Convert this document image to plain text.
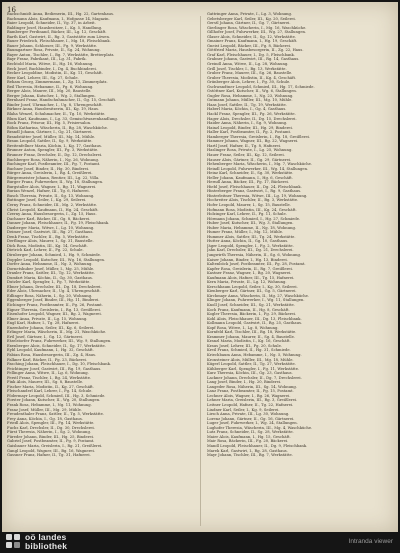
16
Bachschmidt Anna, Bedienerin, III., Hg. 22, Gartenhaus.
Bachmann Alois, Kaufmann, I., Hofgasse 14, Magazin.
Baier Leopold, Schneider, II., Vg. 37, in Arbeit.
Baldinger Josef, Hausbesitzer, I., Kg. 5, Handlung.
Bamberger Ferdinand, Bäcker, III., Lg. 12, Geschäft.
Barth Karl, Gastwirt, II., Rg. 3, Gaststätte zum Löwen.
Bauer Friedrich, Fleischhauer, I., Mg. 18, Fleischbank.
Bauer Johann, Schlosser, III., Fg. 9, Werkstätte.
Baumgartner Rosa, Private, II., Sg. 24, Wohnung.
Bayer Anton, Tischler, I., Bg. 7, Werkstätte, Bretterplatz.
Bayr Franz, Fabrikant, III., Lg. 31, Fabrik.
Bechtold Maria, Witwe, II., Hg. 16, Wohnung.
Beck Josef, Buchbinder, I., Dg. 4, Buchbinderei.
Becker Leopoldine, Modistin, II., Kg. 11, Geschäft.
Beer Karl, Lehrer, III., Sg. 27, Schule.
Beham Georg, Zimmermann, I., Zg. 13, Zimmerplatz.
Beil Theresia, Hebamme, II., Pg. 6, Wohnung.
Berger Alois, Maurer, III., Mg. 20, Baustelle.
Berger Johann, Kutscher, I., Wg. 2, Stallungen.
Bernhard Franz, Handschuhmacher, II., Gg. 15, Geschäft.
Binder Josef, Uhrmacher, I., Ug. 8, Uhrengeschäft.
Birkner Anna, Hausbesitzerin, III., Kg. 19, Haus.
Blaha Wenzel, Schuhmacher, II., Tg. 10, Werkstätte.
Blum Karl, Kaufmann, I., Lg. 33, Gemischtwarenhandlung.
Bock Franz, Friseur, III., Hg. 5, Frisiersalon.
Böhm Katharina, Wäscherin, II., Bg. 28, Waschküche.
Brandl Johann, Gärtner, I., Gg. 21, Gärtnerei.
Brandstätter Josef, Müller, III., Mg. 14, Mühle.
Braun Leopold, Sattler, II., Sg. 9, Werkstätte.
Breitenfellner Maria, Köchin, I., Kg. 17, Gasthaus.
Brunner Anton, Spengler, III., Fg. 3, Werkstätte.
Brunner Franz, Drechsler, II., Dg. 12, Drechslerei.
Buchberger Rosa, Näherin, I., Ng. 26, Wohnung.
Buchinger Karl, Postbeamter, III., Pg. 7, Postamt.
Buchner Josef, Binder, II., Hg. 30, Binderei.
Bürger Anna, Greislerin, I., Rg. 4, Greißlerei.
Bürgermeister Johann, Rentier, III., Lg. 22, Villa.
Burger Franz, Fuhrwerker, II., Wg. 18, Stallungen.
Burgstaller Alois, Wagner, I., Bg. 11, Wagnerei.
Burian Wenzel, Hafner, III., Tg. 6, Hafnerei.
Busch Theresia, Private, II., Sg. 13, Wohnung.
Buttinger Josef, Seiler, I., Kg. 29, Seilerei.
Cerny Franz, Schneider, III., Mg. 2, Werkstätte.
Christ Leopold, Kaufmann, II., Hg. 24, Geschäft.
Czerny Anna, Hausbesorgerin, I., Zg. 15, Haus.
Dachauer Karl, Bäcker, III., Gg. 8, Bäckerei.
Danner Johann, Fleischhauer, II., Fg. 19, Fleischbank.
Daxberger Maria, Witwe, I., Lg. 10, Wohnung.
Deimer Josef, Gastwirt, III., Rg. 27, Gasthaus.
Denk Franz, Tischler, II., Bg. 5, Werkstätte.
Derflinger Alois, Maurer, I., Sg. 31, Baustelle.
Dick Rosa, Modistin, III., Kg. 14, Geschäft.
Dietrich Karl, Lehrer, II., Pg. 22, Schule.
Dirnberger Johann, Schmied, I., Hg. 9, Schmiede.
Doppler Leopold, Kutscher, III., Wg. 16, Stallungen.
Dorfer Anna, Hebamme, II., Ng. 3, Wohnung.
Dornetshuber Josef, Müller, I., Mg. 25, Mühle.
Draxler Franz, Sattler, III., Tg. 12, Werkstätte.
Dumfart Maria, Köchin, II., Gg. 30, Gasthaus.
Dutzler Karl, Spengler, I., Fg. 7, Werkstätte.
Ebner Johann, Drechsler, III., Dg. 18, Drechslerei.
Eder Alois, Uhrmacher, II., Ug. 4, Uhrengeschäft.
Edlinger Rosa, Näherin, I., Sg. 20, Wohnung.
Eggenberger Josef, Binder, III., Hg. 11, Binderei.
Eichinger Franz, Postbeamter, II., Pg. 26, Postamt.
Eigner Theresia, Greislerin, I., Rg. 13, Greißlerei.
Eisenhofer Leopold, Wagner, III., Bg. 2, Wagnerei.
Elmer Anna, Private, II., Lg. 15, Wohnung.
Engl Karl, Hafner, I., Tg. 28, Hafnerei.
Enzenhofer Johann, Seiler, III., Kg. 6, Seilerei.
Erlinger Maria, Wäscherin, II., Mg. 21, Waschküche.
Ertl Josef, Gärtner, I., Gg. 12, Gärtnerei.
Etzelstorfer Franz, Fuhrwerker, III., Wg. 9, Stallungen.
Exenberger Alois, Schneider, II., Sg. 17, Werkstätte.
Eybl Leopold, Kaufmann, I., Hg. 32, Geschäft.
Fabian Rosa, Hausbesorgerin, III., Zg. 4, Haus.
Falkner Karl, Bäcker, II., Fg. 23, Bäckerei.
Fasching Johann, Fleischhauer, I., Dg. 10, Fleischbank.
Feichtinger Josef, Gastwirt, III., Rg. 19, Gasthaus.
Fellinger Anna, Witwe, II., Lg. 6, Wohnung.
Ferstl Franz, Tischler, I., Bg. 24, Werkstätte.
Fink Alois, Maurer, III., Sg. 8, Baustelle.
Fischer Maria, Modistin, II., Kg. 27, Geschäft.
Fleischanderl Karl, Lehrer, I., Pg. 14, Schule.
Födermayr Leopold, Schmied, III., Hg. 3, Schmiede.
Forster Johann, Kutscher, II., Wg. 20, Stallungen.
Frank Rosa, Hebamme, I., Ng. 11, Wohnung.
Franz Josef, Müller, III., Mg. 29, Mühle.
Freudenthaler Franz, Sattler, II., Tg. 5, Werkstätte.
Frey Anna, Köchin, I., Gg. 18, Gasthaus.
Friedl Alois, Spengler, III., Fg. 14, Werkstätte.
Fuchs Karl, Drechsler, II., Dg. 30, Drechslerei.
Fürst Theresia, Näherin, I., Sg. 2, Wohnung.
Füreder Johann, Binder, III., Hg. 25, Binderei.
Gabriel Josef, Postbeamter, II., Pg. 9, Postamt.
Gaisbauer Maria, Greislerin, I., Rg. 21, Greißlerei.
Gangl Leopold, Wagner, III., Bg. 16, Wagnerei.
Gassner Franz, Hafner, II., Tg. 31, Hafnerei.
Gattringer Anna, Private, I., Lg. 3, Wohnung.
Gebetsberger Karl, Seiler, III., Kg. 20, Seilerei.
Gerstl Johann, Gärtner, II., Gg. 7, Gärtnerei.
Gierlinger Rosa, Wäscherin, I., Mg. 16, Waschküche.
Gillhofer Josef, Fuhrwerker, III., Wg. 27, Stallungen.
Glaser Alois, Schneider, II., Sg. 12, Werkstätte.
Gmainer Franz, Kaufmann, I., Hg. 19, Geschäft.
Gneist Leopold, Bäcker, III., Fg. 8, Bäckerei.
Göttfried Maria, Hausbesorgerin, II., Zg. 22, Haus.
Graf Karl, Fleischhauer, I., Dg. 5, Fleischbank.
Grabner Johann, Gastwirt, III., Rg. 14, Gasthaus.
Greindl Anna, Witwe, II., Lg. 28, Wohnung.
Grill Josef, Tischler, I., Bg. 13, Werkstätte.
Gruber Franz, Maurer, III., Sg. 26, Baustelle.
Gruber Theresia, Modistin, II., Kg. 4, Geschäft.
Grünberger Alois, Lehrer, I., Pg. 30, Schule.
Gschwandtner Leopold, Schmied, III., Hg. 17, Schmiede.
Gstöttner Karl, Kutscher, II., Wg. 6, Stallungen.
Gugler Rosa, Hebamme, I., Ng. 23, Wohnung.
Gutmann Johann, Müller, III., Mg. 10, Mühle.
Haas Josef, Sattler, II., Tg. 19, Werkstätte.
Haberl Maria, Köchin, I., Gg. 4, Gasthaus.
Hackl Franz, Spengler, III., Fg. 26, Werkstätte.
Hager Alois, Drechsler, II., Dg. 15, Drechslerei.
Haider Anna, Näherin, I., Sg. 9, Wohnung.
Hainzl Leopold, Binder, III., Hg. 29, Binderei.
Haller Karl, Postbeamter, II., Pg. 2, Postamt.
Hamberger Theresia, Greislerin, I., Rg. 18, Greißlerei.
Hammer Johann, Wagner, III., Bg. 22, Wagnerei.
Hartl Josef, Hafner, II., Tg. 8, Hafnerei.
Haslinger Rosa, Private, I., Lg. 25, Wohnung.
Hauer Franz, Seiler, III., Kg. 12, Seilerei.
Hauser Alois, Gärtner, II., Gg. 29, Gärtnerei.
Hehenberger Maria, Wäscherin, I., Mg. 7, Waschküche.
Heindl Leopold, Fuhrwerker, III., Wg. 14, Stallungen.
Heinz Karl, Schneider, II., Sg. 30, Werkstätte.
Heller Johann, Kaufmann, I., Hg. 6, Geschäft.
Herndl Anna, Bäcker, III., Fg. 17, Bäckerei.
Hiebl Josef, Fleischhauer, II., Dg. 24, Fleischbank.
Hinterberger Franz, Gastwirt, I., Rg. 9, Gasthaus.
Hinterleitner Theresia, Witwe, III., Lg. 19, Wohnung.
Hochreiter Alois, Tischler, II., Bg. 3, Werkstätte.
Hofer Leopold, Maurer, I., Sg. 15, Baustelle.
Hofmann Rosa, Modistin, III., Kg. 24, Geschäft.
Holzinger Karl, Lehrer, II., Pg. 11, Schule.
Hörmann Johann, Schmied, I., Hg. 27, Schmiede.
Huber Josef, Kutscher, III., Wg. 3, Stallungen.
Huber Maria, Hebamme, II., Ng. 18, Wohnung.
Humer Franz, Müller, I., Mg. 12, Mühle.
Hummer Alois, Sattler, III., Tg. 24, Werkstätte.
Hutter Anna, Köchin, II., Gg. 10, Gasthaus.
Jäger Leopold, Spengler, I., Fg. 2, Werkstätte.
Jahn Karl, Drechsler, III., Dg. 21, Drechslerei.
Jungwirth Theresia, Näherin, II., Sg. 6, Wohnung.
Kaiser Johann, Binder, I., Hg. 13, Binderei.
Kaltenböck Josef, Postbeamter, III., Pg. 28, Postamt.
Kapfer Rosa, Greislerin, II., Rg. 7, Greißlerei.
Kastner Franz, Wagner, I., Bg. 20, Wagnerei.
Kaufmann Alois, Hafner, III., Tg. 15, Hafnerei.
Kern Maria, Private, II., Lg. 12, Wohnung.
Kerschbaum Leopold, Seiler, I., Kg. 30, Seilerei.
Kienberger Karl, Gärtner, III., Gg. 5, Gärtnerei.
Kirchmayr Anna, Wäscherin, II., Mg. 27, Waschküche.
Klinger Johann, Fuhrwerker, I., Wg. 11, Stallungen.
Knoll Josef, Schneider, III., Sg. 21, Werkstätte.
Koch Franz, Kaufmann, II., Hg. 8, Geschäft.
Kogler Theresia, Bäckerin, I., Fg. 29, Bäckerei.
Kohl Alois, Fleischhauer, III., Dg. 13, Fleischbank.
Kollmann Leopold, Gastwirt, II., Rg. 25, Gasthaus.
Kopf Rosa, Witwe, I., Lg. 8, Wohnung.
Kornfeld Karl, Tischler, III., Bg. 18, Werkstätte.
Krammer Johann, Maurer, II., Sg. 4, Baustelle.
Kranzl Maria, Modistin, I., Kg. 16, Geschäft.
Kraus Josef, Lehrer, III., Pg. 20, Schule.
Kreil Franz, Schmied, II., Hg. 31, Schmiede.
Kriechbaum Anna, Hebamme, I., Ng. 5, Wohnung.
Kronsteiner Alois, Müller, III., Mg. 18, Mühle.
Kügerl Leopold, Sattler, II., Tg. 27, Werkstätte.
Kühberger Karl, Spengler, I., Fg. 11, Werkstätte.
Kurz Theresia, Köchin, III., Gg. 23, Gasthaus.
Lackner Johann, Drechsler, II., Dg. 7, Drechslerei.
Lang Josef, Binder, I., Hg. 20, Binderei.
Langeder Rosa, Näherin, III., Sg. 14, Wohnung.
Lanz Franz, Postbeamter, II., Pg. 15, Postamt.
Lechner Alois, Wagner, I., Bg. 26, Wagnerei.
Lehner Maria, Greislerin, III., Rg. 3, Greißlerei.
Leitner Leopold, Hafner, II., Tg. 22, Hafnerei.
Lindner Karl, Seiler, I., Kg. 9, Seilerei.
Lirsch Anna, Private, III., Lg. 30, Wohnung.
Lorenz Johann, Gärtner, II., Gg. 16, Gärtnerei.
Luger Josef, Fuhrwerker, I., Wg. 24, Stallungen.
Lughofer Theresia, Wäscherin, III., Mg. 4, Waschküche.
Lutz Franz, Schneider, II., Sg. 28, Werkstätte.
Maier Alois, Kaufmann, I., Hg. 15, Geschäft.
Mair Rosa, Bäckerin, III., Fg. 20, Bäckerei.
Mandl Leopold, Fleischhauer, II., Dg. 9, Fleischbank.
Marek Karl, Gastwirt, I., Rg. 28, Gasthaus.
Mayr Johann, Tischler, III., Bg. 7, Werkstätte.
oö landes
bibliothek	Intranda viewer
